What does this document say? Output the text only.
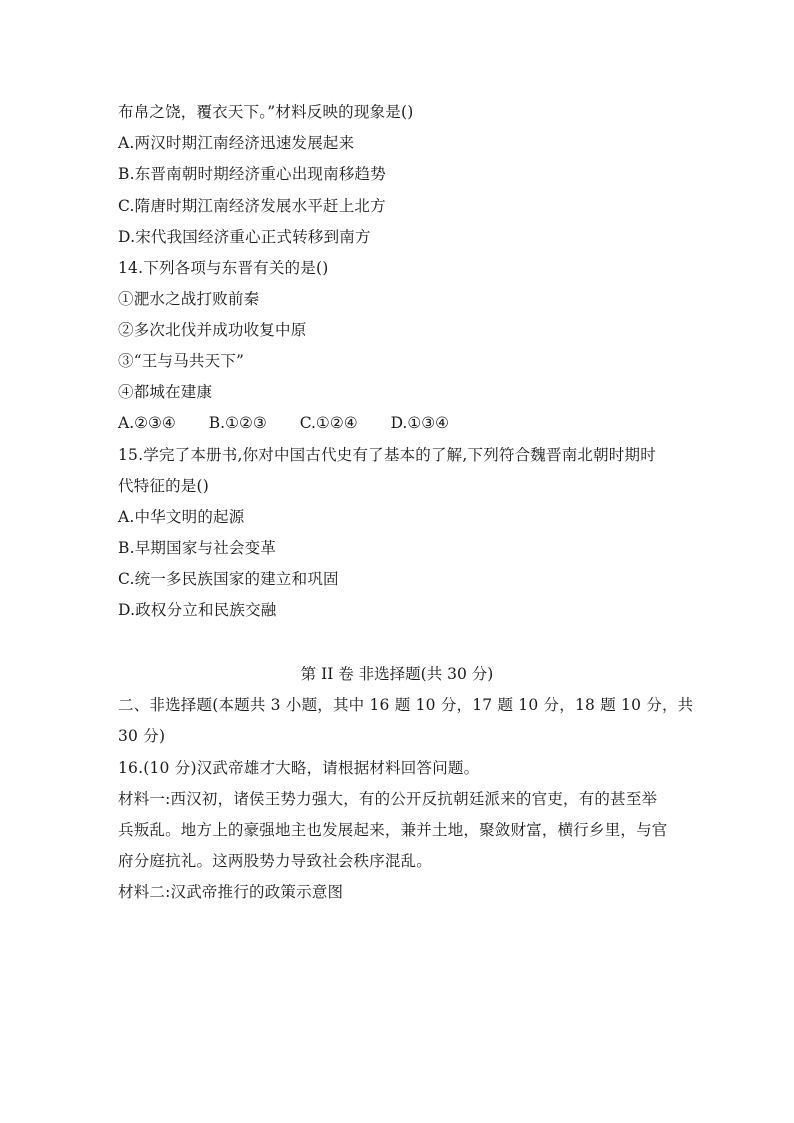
布帛之饶，覆衣天下。”材料反映的现象是()
A.两汉时期江南经济迅速发展起来
B.东晋南朝时期经济重心出现南移趋势
C.隋唐时期江南经济发展水平赶上北方
D.宋代我国经济重心正式转移到南方
14.下列各项与东晋有关的是()
①淝水之战打败前秦
②多次北伐并成功收复中原
③“王与马共天下”
④都城在建康
A.②③④ B.①②③ C.①②④ D.①③④
15.学完了本册书,你对中国古代史有了基本的了解,下列符合魏晋南北朝时期时
代特征的是()
A.中华文明的起源
B.早期国家与社会变革
C.统一多民族国家的建立和巩固
D.政权分立和民族交融
第 II 卷 非选择题(共 30 分)
二、非选择题(本题共 3 小题，其中 16 题 10 分，17 题 10 分，18 题 10 分，共
30 分)
16.(10 分)汉武帝雄才大略，请根据材料回答问题。
材料一:西汉初，诸侯王势力强大，有的公开反抗朝廷派来的官吏，有的甚至举
兵叛乱。地方上的豪强地主也发展起来，兼并土地，聚敛财富，横行乡里，与官
府分庭抗礼。这两股势力导致社会秩序混乱。
材料二:汉武帝推行的政策示意图
